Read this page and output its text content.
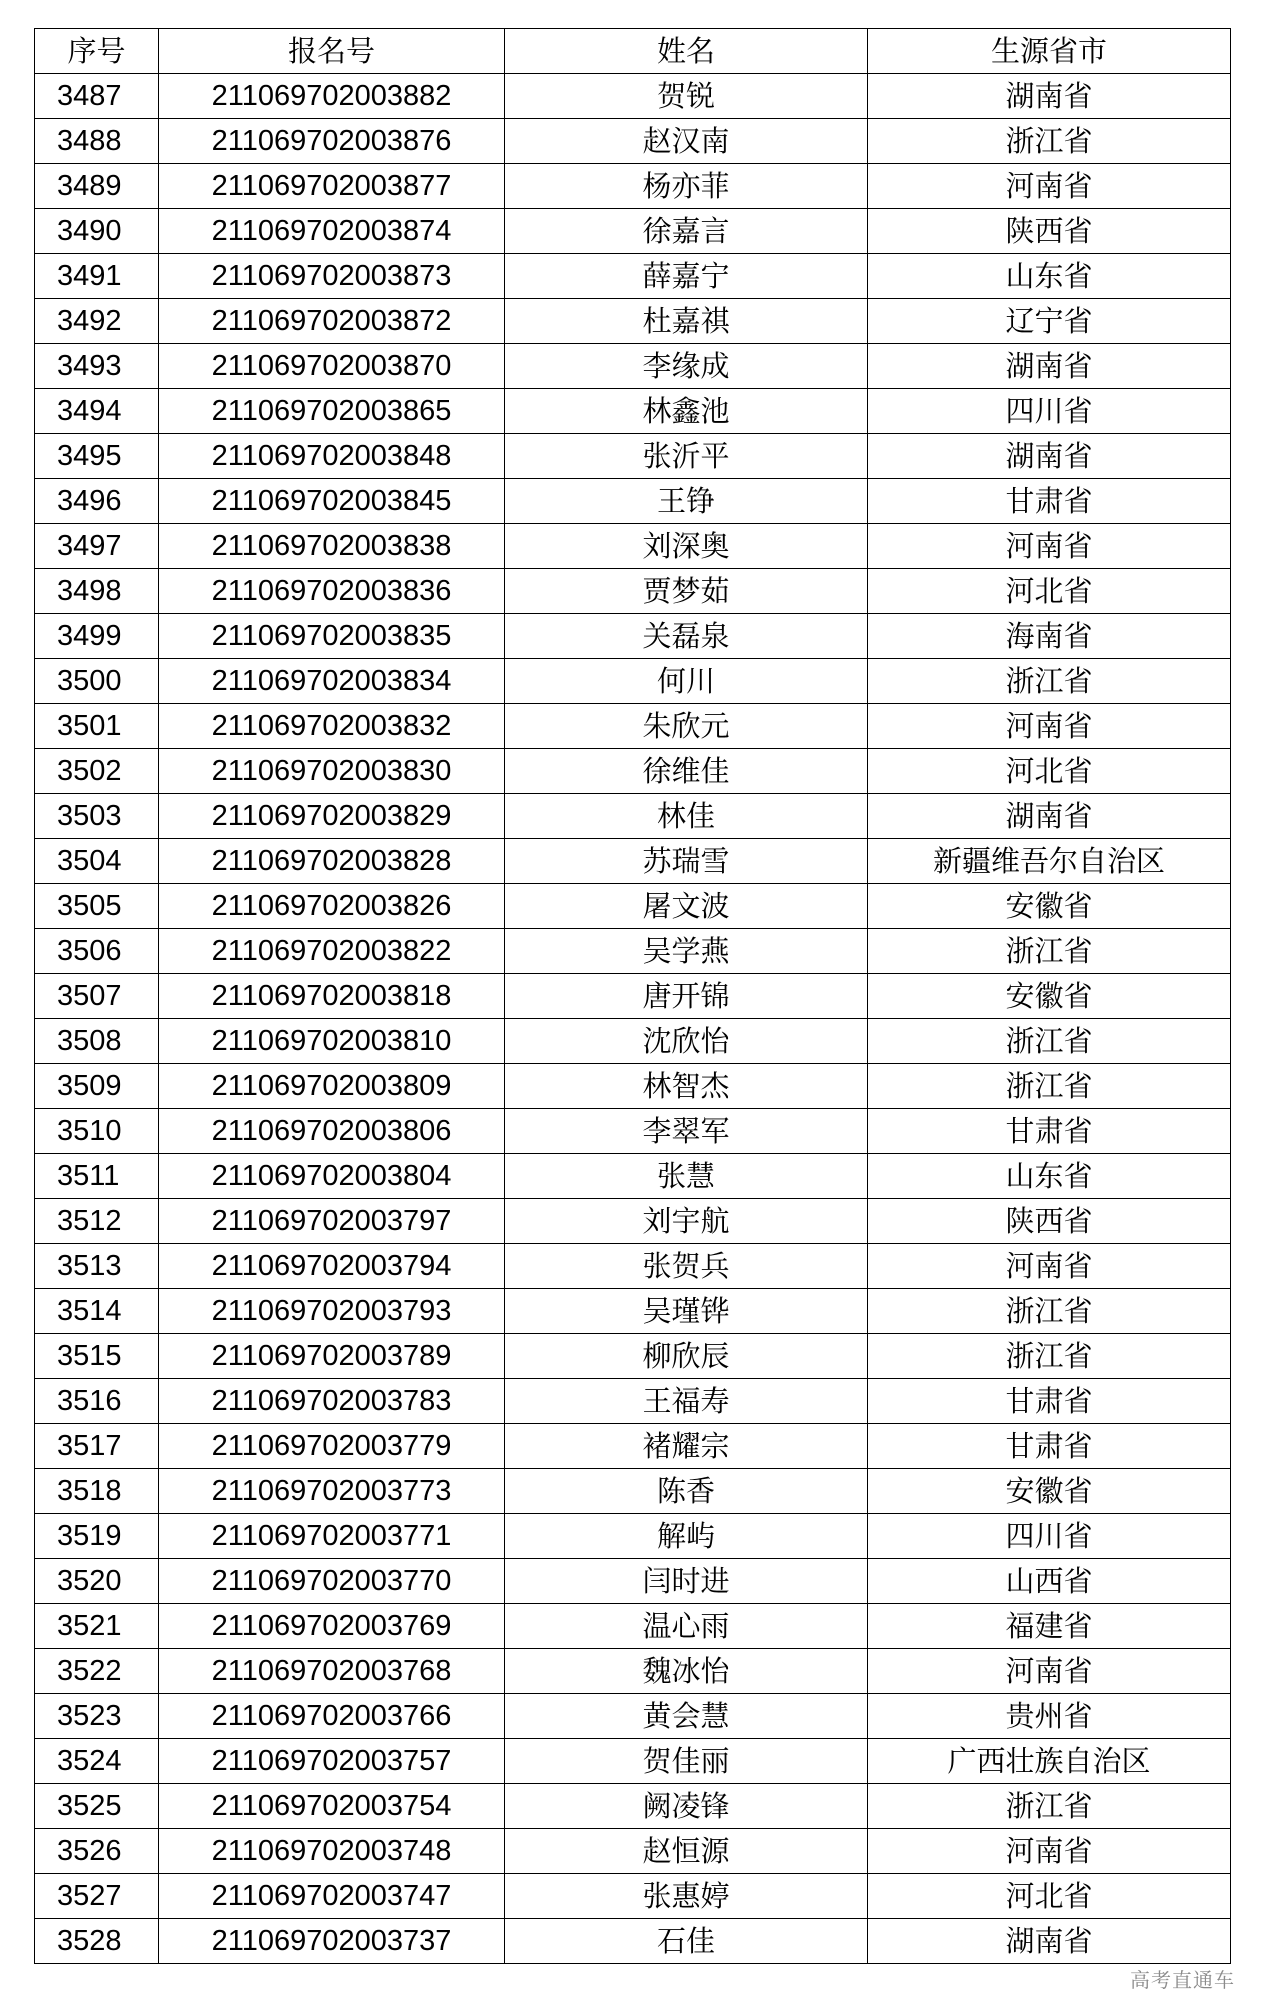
序号	报名号	姓名	生源省市
3487	211069702003882	贺锐	湖南省
3488	211069702003876	赵汉南	浙江省
3489	211069702003877	杨亦菲	河南省
3490	211069702003874	徐嘉言	陕西省
3491	211069702003873	薛嘉宁	山东省
3492	211069702003872	杜嘉祺	辽宁省
3493	211069702003870	李缘成	湖南省
3494	211069702003865	林鑫池	四川省
3495	211069702003848	张沂平	湖南省
3496	211069702003845	王铮	甘肃省
3497	211069702003838	刘深奥	河南省
3498	211069702003836	贾梦茹	河北省
3499	211069702003835	关磊泉	海南省
3500	211069702003834	何川	浙江省
3501	211069702003832	朱欣元	河南省
3502	211069702003830	徐维佳	河北省
3503	211069702003829	林佳	湖南省
3504	211069702003828	苏瑞雪	新疆维吾尔自治区
3505	211069702003826	屠文波	安徽省
3506	211069702003822	吴学燕	浙江省
3507	211069702003818	唐开锦	安徽省
3508	211069702003810	沈欣怡	浙江省
3509	211069702003809	林智杰	浙江省
3510	211069702003806	李翠军	甘肃省
3511	211069702003804	张慧	山东省
3512	211069702003797	刘宇航	陕西省
3513	211069702003794	张贺兵	河南省
3514	211069702003793	吴瑾铧	浙江省
3515	211069702003789	柳欣辰	浙江省
3516	211069702003783	王福寿	甘肃省
3517	211069702003779	褚耀宗	甘肃省
3518	211069702003773	陈香	安徽省
3519	211069702003771	解屿	四川省
3520	211069702003770	闫时进	山西省
3521	211069702003769	温心雨	福建省
3522	211069702003768	魏冰怡	河南省
3523	211069702003766	黄会慧	贵州省
3524	211069702003757	贺佳丽	广西壮族自治区
3525	211069702003754	阙凌锋	浙江省
3526	211069702003748	赵恒源	河南省
3527	211069702003747	张惠婷	河北省
3528	211069702003737	石佳	湖南省
高考直通车
